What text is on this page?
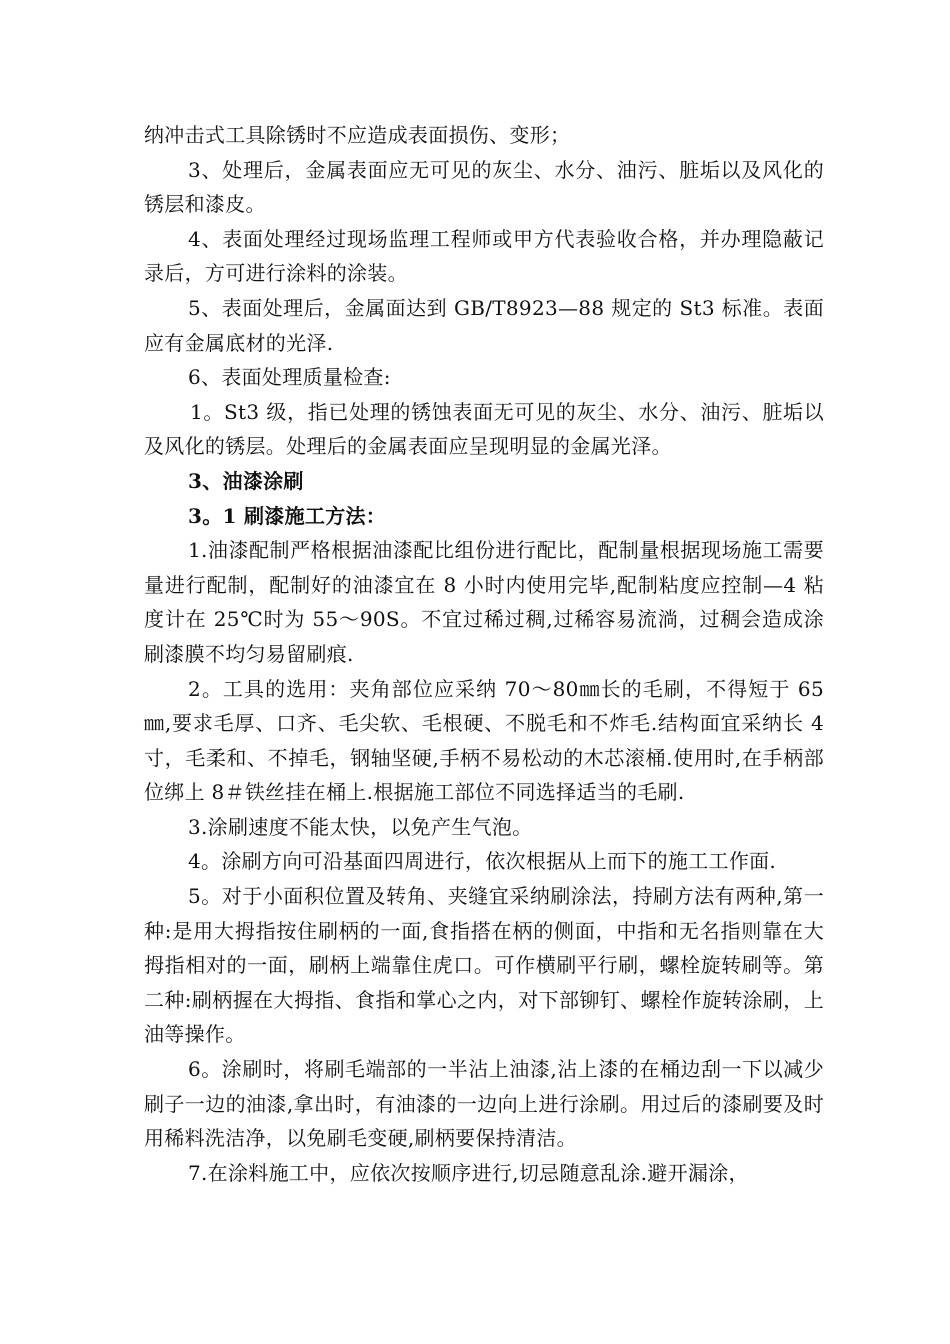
纳冲击式工具除锈时不应造成表面损伤、变形；

3、处理后，金属表面应无可见的灰尘、水分、油污、脏垢以及风化的锈层和漆皮。

4、表面处理经过现场监理工程师或甲方代表验收合格，并办理隐蔽记录后，方可进行涂料的涂装。

5、表面处理后，金属面达到 GB/T8923—88 规定的 St3 标准。表面应有金属底材的光泽.

6、表面处理质量检查:

1。St3 级，指已处理的锈蚀表面无可见的灰尘、水分、油污、脏垢以及风化的锈层。处理后的金属表面应呈现明显的金属光泽。

3、油漆涂刷

3。1 刷漆施工方法：

1.油漆配制严格根据油漆配比组份进行配比，配制量根据现场施工需要量进行配制，配制好的油漆宜在 8 小时内使用完毕,配制粘度应控制—4 粘度计在 25℃时为 55～90S。不宜过稀过稠,过稀容易流淌，过稠会造成涂刷漆膜不均匀易留刷痕.

2。工具的选用：夹角部位应采纳 70～80㎜长的毛刷，不得短于 65㎜,要求毛厚、口齐、毛尖软、毛根硬、不脱毛和不炸毛.结构面宜采纳长 4 寸，毛柔和、不掉毛，钢轴坚硬,手柄不易松动的木芯滚桶.使用时,在手柄部位绑上 8＃铁丝挂在桶上.根据施工部位不同选择适当的毛刷.

3.涂刷速度不能太快，以免产生气泡。

4。涂刷方向可沿基面四周进行，依次根据从上而下的施工工作面.

5。对于小面积位置及转角、夹缝宜采纳刷涂法，持刷方法有两种,第一种:是用大拇指按住刷柄的一面,食指搭在柄的侧面，中指和无名指则靠在大拇指相对的一面，刷柄上端靠住虎口。可作横刷平行刷，螺栓旋转刷等。第二种:刷柄握在大拇指、食指和掌心之内，对下部铆钉、螺栓作旋转涂刷，上油等操作。

6。涂刷时，将刷毛端部的一半沾上油漆,沾上漆的在桶边刮一下以减少刷子一边的油漆,拿出时，有油漆的一边向上进行涂刷。用过后的漆刷要及时用稀料洗洁净，以免刷毛变硬,刷柄要保持清洁。

7.在涂料施工中，应依次按顺序进行,切忌随意乱涂.避开漏涂，
